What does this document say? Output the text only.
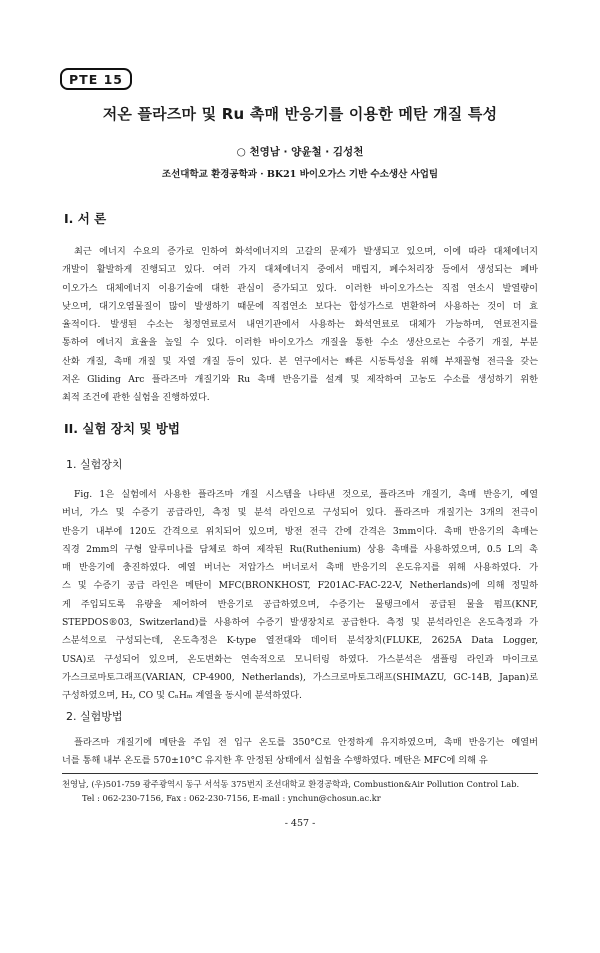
PTE 15
저온 플라즈마 및 Ru 촉매 반응기를 이용한 메탄 개질 특성
○ 천영남 · 양윤철 · 김성천
조선대학교 환경공학과 · BK21 바이오가스 기반 수소생산 사업팀
I. 서 론
최근 에너지 수요의 증가로 인하여 화석에너지의 고갈의 문제가 발생되고 있으며, 이에 따라 대체에너지
개발이 활발하게 진행되고 있다. 여러 가지 대체에너지 중에서 매립지, 폐수처리장 등에서 생성되는 폐바
이오가스 대체에너지 이용기술에 대한 관심이 증가되고 있다. 이러한 바이오가스는 직접 연소시 발열량이
낮으며, 대기오염물질이 많이 발생하기 때문에 직접연소 보다는 합성가스로 변환하여 사용하는 것이 더 효
율적이다. 발생된 수소는 청정연료로서 내연기관에서 사용하는 화석연료로 대체가 가능하며, 연료전지를
통하여 에너지 효율을 높일 수 있다. 이러한 바이오가스 개질을 통한 수소 생산으로는 수증기 개질, 부분
산화 개질, 촉매 개질 및 자열 개질 등이 있다. 본 연구에서는 빠른 시동특성을 위해 부채꼴형 전극을 갖는
저온 Gliding Arc 플라즈마 개질기와 Ru 촉매 반응기를 설계 및 제작하여 고농도 수소를 생성하기 위한
최적 조건에 관한 실험을 진행하였다.
II. 실험 장치 및 방법
1. 실험장치
Fig. 1은 실험에서 사용한 플라즈마 개질 시스템을 나타낸 것으로, 플라즈마 개질기, 촉매 반응기, 예열
버너, 가스 및 수증기 공급라인, 측정 및 분석 라인으로 구성되어 있다. 플라즈마 개질기는 3개의 전극이
반응기 내부에 120도 간격으로 위치되어 있으며, 방전 전극 간에 간격은 3mm이다. 촉매 반응기의 촉매는
직경 2mm의 구형 알루미나를 담체로 하여 제작된 Ru(Ruthenium) 상용 촉매를 사용하였으며, 0.5 L의 촉
매 반응기에 충진하였다. 예열 버너는 저압가스 버너로서 촉매 반응기의 온도유지를 위해 사용하였다. 가
스 및 수증기 공급 라인은 메탄이 MFC(BRONKHOST, F201AC-FAC-22-V, Netherlands)에 의해 정밀하
게 주입되도록 유량을 제어하여 반응기로 공급하였으며, 수증기는 물탱크에서 공급된 물을 펌프(KNF,
STEPDOS®03, Switzerland)를 사용하여 수증기 발생장치로 공급한다. 측정 및 분석라인은 온도측정과 가
스분석으로 구성되는데, 온도측정은 K-type 열전대와 데이터 분석장치(FLUKE, 2625A Data Logger,
USA)로 구성되어 있으며, 온도변화는 연속적으로 모니터링 하였다. 가스분석은 샘플링 라인과 마이크로
가스크로마토그래프(VARIAN, CP-4900, Netherlands), 가스크로마토그래프(SHIMAZU, GC-14B, Japan)로
구성하였으며, H₂, CO 및 CₙHₘ 계열을 동시에 분석하였다.
2. 실험방법
플라즈마 개질기에 메탄을 주입 전 입구 온도를 350°C로 안정하게 유지하였으며, 촉매 반응기는 예열버
너를 통해 내부 온도를 570±10°C 유지한 후 안정된 상태에서 실험을 수행하였다. 메탄은 MFC에 의해 유
천영남, (우)501-759 광주광역시 동구 서석동 375번지 조선대학교 환경공학과, Combustion&Air Pollution Control Lab.
Tel : 062-230-7156, Fax : 062-230-7156, E-mail : ynchun@chosun.ac.kr
- 457 -
